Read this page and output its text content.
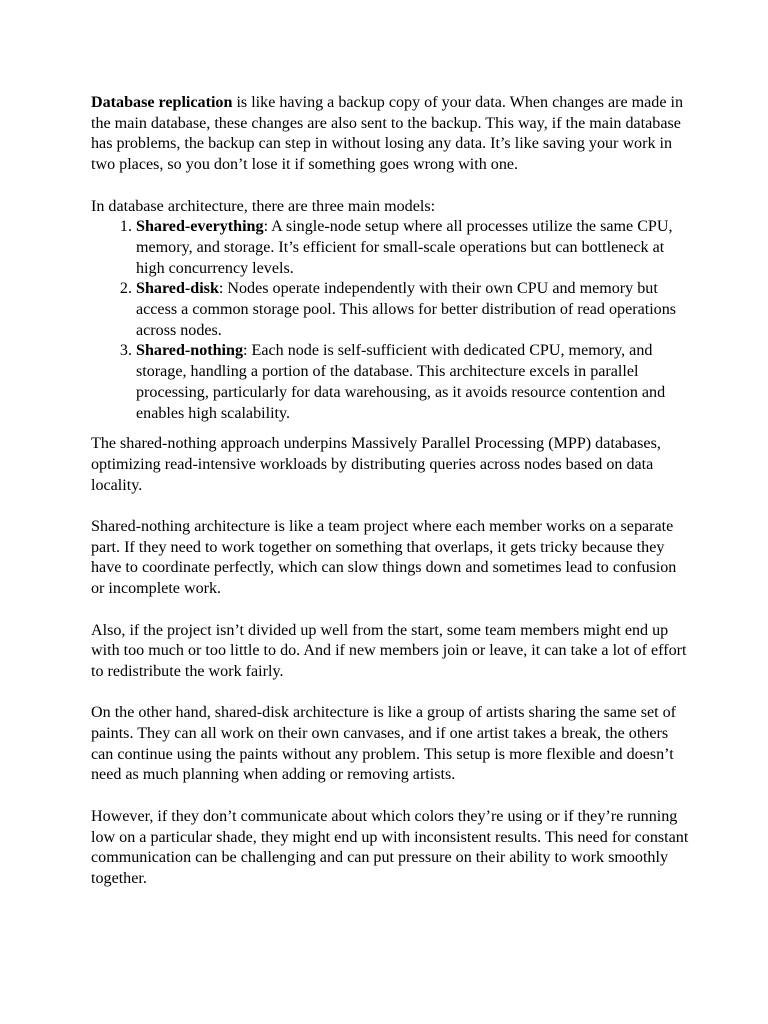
Database replication is like having a backup copy of your data. When changes are made in the main database, these changes are also sent to the backup. This way, if the main database has problems, the backup can step in without losing any data. It’s like saving your work in two places, so you don’t lose it if something goes wrong with one.

In database architecture, there are three main models:

1. Shared-everything: A single-node setup where all processes utilize the same CPU, memory, and storage. It’s efficient for small-scale operations but can bottleneck at high concurrency levels.
2. Shared-disk: Nodes operate independently with their own CPU and memory but access a common storage pool. This allows for better distribution of read operations across nodes.
3. Shared-nothing: Each node is self-sufficient with dedicated CPU, memory, and storage, handling a portion of the database. This architecture excels in parallel processing, particularly for data warehousing, as it avoids resource contention and enables high scalability.

The shared-nothing approach underpins Massively Parallel Processing (MPP) databases, optimizing read-intensive workloads by distributing queries across nodes based on data locality.

Shared-nothing architecture is like a team project where each member works on a separate part. If they need to work together on something that overlaps, it gets tricky because they have to coordinate perfectly, which can slow things down and sometimes lead to confusion or incomplete work.

Also, if the project isn’t divided up well from the start, some team members might end up with too much or too little to do. And if new members join or leave, it can take a lot of effort to redistribute the work fairly.

On the other hand, shared-disk architecture is like a group of artists sharing the same set of paints. They can all work on their own canvases, and if one artist takes a break, the others can continue using the paints without any problem. This setup is more flexible and doesn’t need as much planning when adding or removing artists.

However, if they don’t communicate about which colors they’re using or if they’re running low on a particular shade, they might end up with inconsistent results. This need for constant communication can be challenging and can put pressure on their ability to work smoothly together.
